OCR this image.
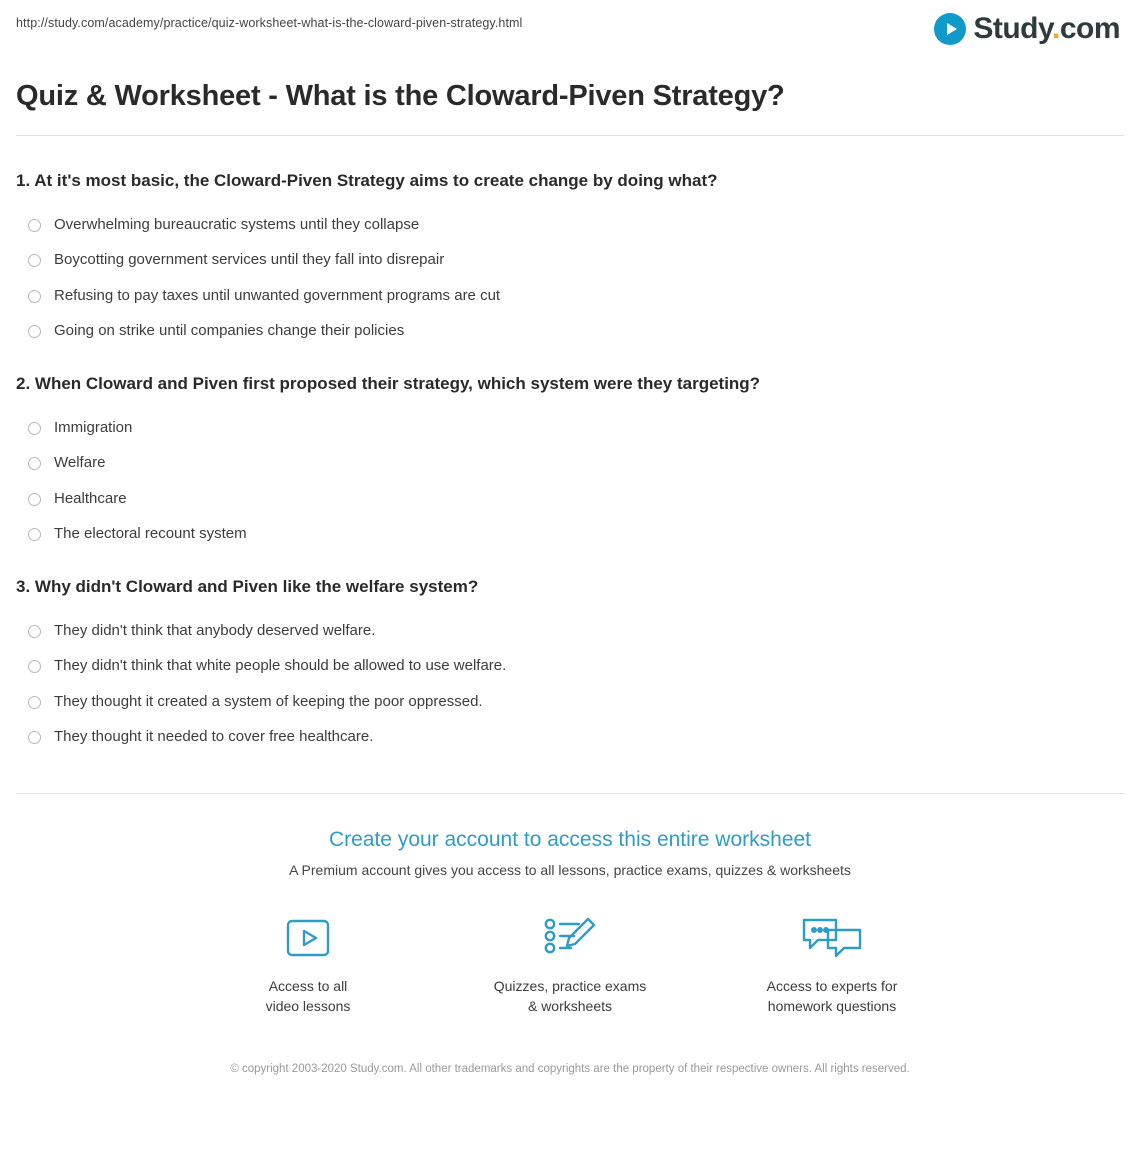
http://study.com/academy/practice/quiz-worksheet-what-is-the-cloward-piven-strategy.html	Study.com
Quiz & Worksheet - What is the Cloward-Piven Strategy?
1. At it's most basic, the Cloward-Piven Strategy aims to create change by doing what?
Overwhelming bureaucratic systems until they collapse
Boycotting government services until they fall into disrepair
Refusing to pay taxes until unwanted government programs are cut
Going on strike until companies change their policies
2. When Cloward and Piven first proposed their strategy, which system were they targeting?
Immigration
Welfare
Healthcare
The electoral recount system
3. Why didn't Cloward and Piven like the welfare system?
They didn't think that anybody deserved welfare.
They didn't think that white people should be allowed to use welfare.
They thought it created a system of keeping the poor oppressed.
They thought it needed to cover free healthcare.
Create your account to access this entire worksheet
A Premium account gives you access to all lessons, practice exams, quizzes & worksheets
Access to all
video lessons
Quizzes, practice exams
& worksheets
Access to experts for
homework questions
© copyright 2003-2020 Study.com. All other trademarks and copyrights are the property of their respective owners. All rights reserved.
